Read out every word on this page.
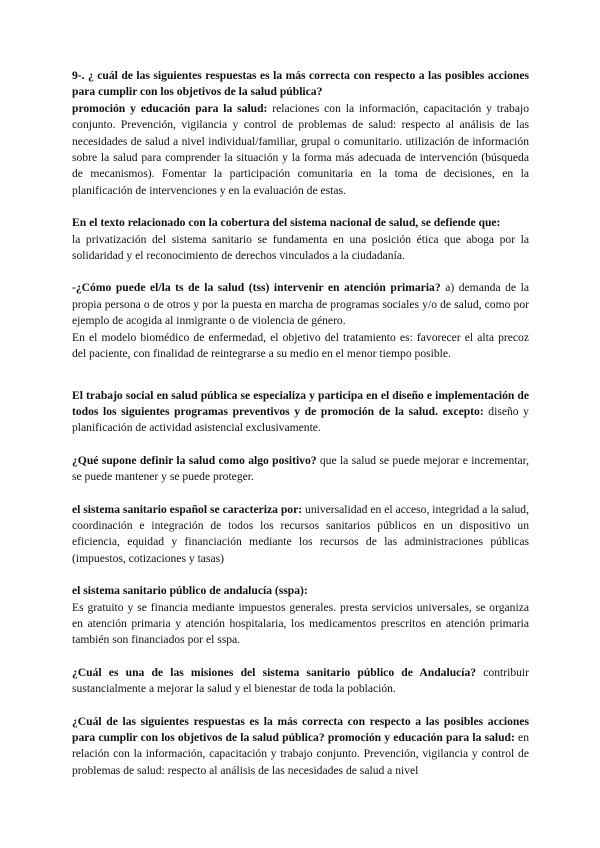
9-. ¿ cuál de las siguientes respuestas es la más correcta con respecto a las posibles acciones para cumplir con los objetivos de la salud pública?
promoción y educación para la salud: relaciones con la información, capacitación y trabajo conjunto. Prevención, vigilancia y control de problemas de salud: respecto al análisis de las necesidades de salud a nivel individual/familiar, grupal o comunitario. utilización de información sobre la salud para comprender la situación y la forma más adecuada de intervención (búsqueda de mecanismos). Fomentar la participación comunitaria en la toma de decisiones, en la planificación de intervenciones y en la evaluación de estas.

En el texto relacionado con la cobertura del sistema nacional de salud, se defiende que:
la privatización del sistema sanitario se fundamenta en una posición ética que aboga por la solidaridad y el reconocimiento de derechos vinculados a la ciudadanía.

-¿Cómo puede el/la ts de la salud (tss) intervenir en atención primaria? a) demanda de la propia persona o de otros y por la puesta en marcha de programas sociales y/o de salud, como por ejemplo de acogida al inmigrante o de violencia de género.

En el modelo biomédico de enfermedad, el objetivo del tratamiento es: favorecer el alta precoz del paciente, con finalidad de reintegrarse a su medio en el menor tiempo posible.

El trabajo social en salud pública se especializa y participa en el diseño e implementación de todos los siguientes programas preventivos y de promoción de la salud. excepto: diseño y planificación de actividad asistencial exclusivamente.

¿Qué supone definir la salud como algo positivo? que la salud se puede mejorar e incrementar, se puede mantener y se puede proteger.

el sistema sanitario español se caracteriza por: universalidad en el acceso, integridad a la salud, coordinación e integración de todos los recursos sanitarios públicos en un dispositivo un eficiencia, equidad y financiación mediante los recursos de las administraciones públicas (impuestos, cotizaciones y tasas)

el sistema sanitario público de andalucía (sspa):
Es gratuito y se financia mediante impuestos generales. presta servicios universales, se organiza en atención primaria y atención hospitalaria, los medicamentos prescritos en atención primaria también son financiados por el sspa.

¿Cuál es una de las misiones del sistema sanitario público de Andalucía? contribuir sustancialmente a mejorar la salud y el bienestar de toda la población.

¿Cuál de las siguientes respuestas es la más correcta con respecto a las posibles acciones para cumplir con los objetivos de la salud pública? promoción y educación para la salud: en relación con la información, capacitación y trabajo conjunto. Prevención, vigilancia y control de problemas de salud: respecto al análisis de las necesidades de salud a nivel
